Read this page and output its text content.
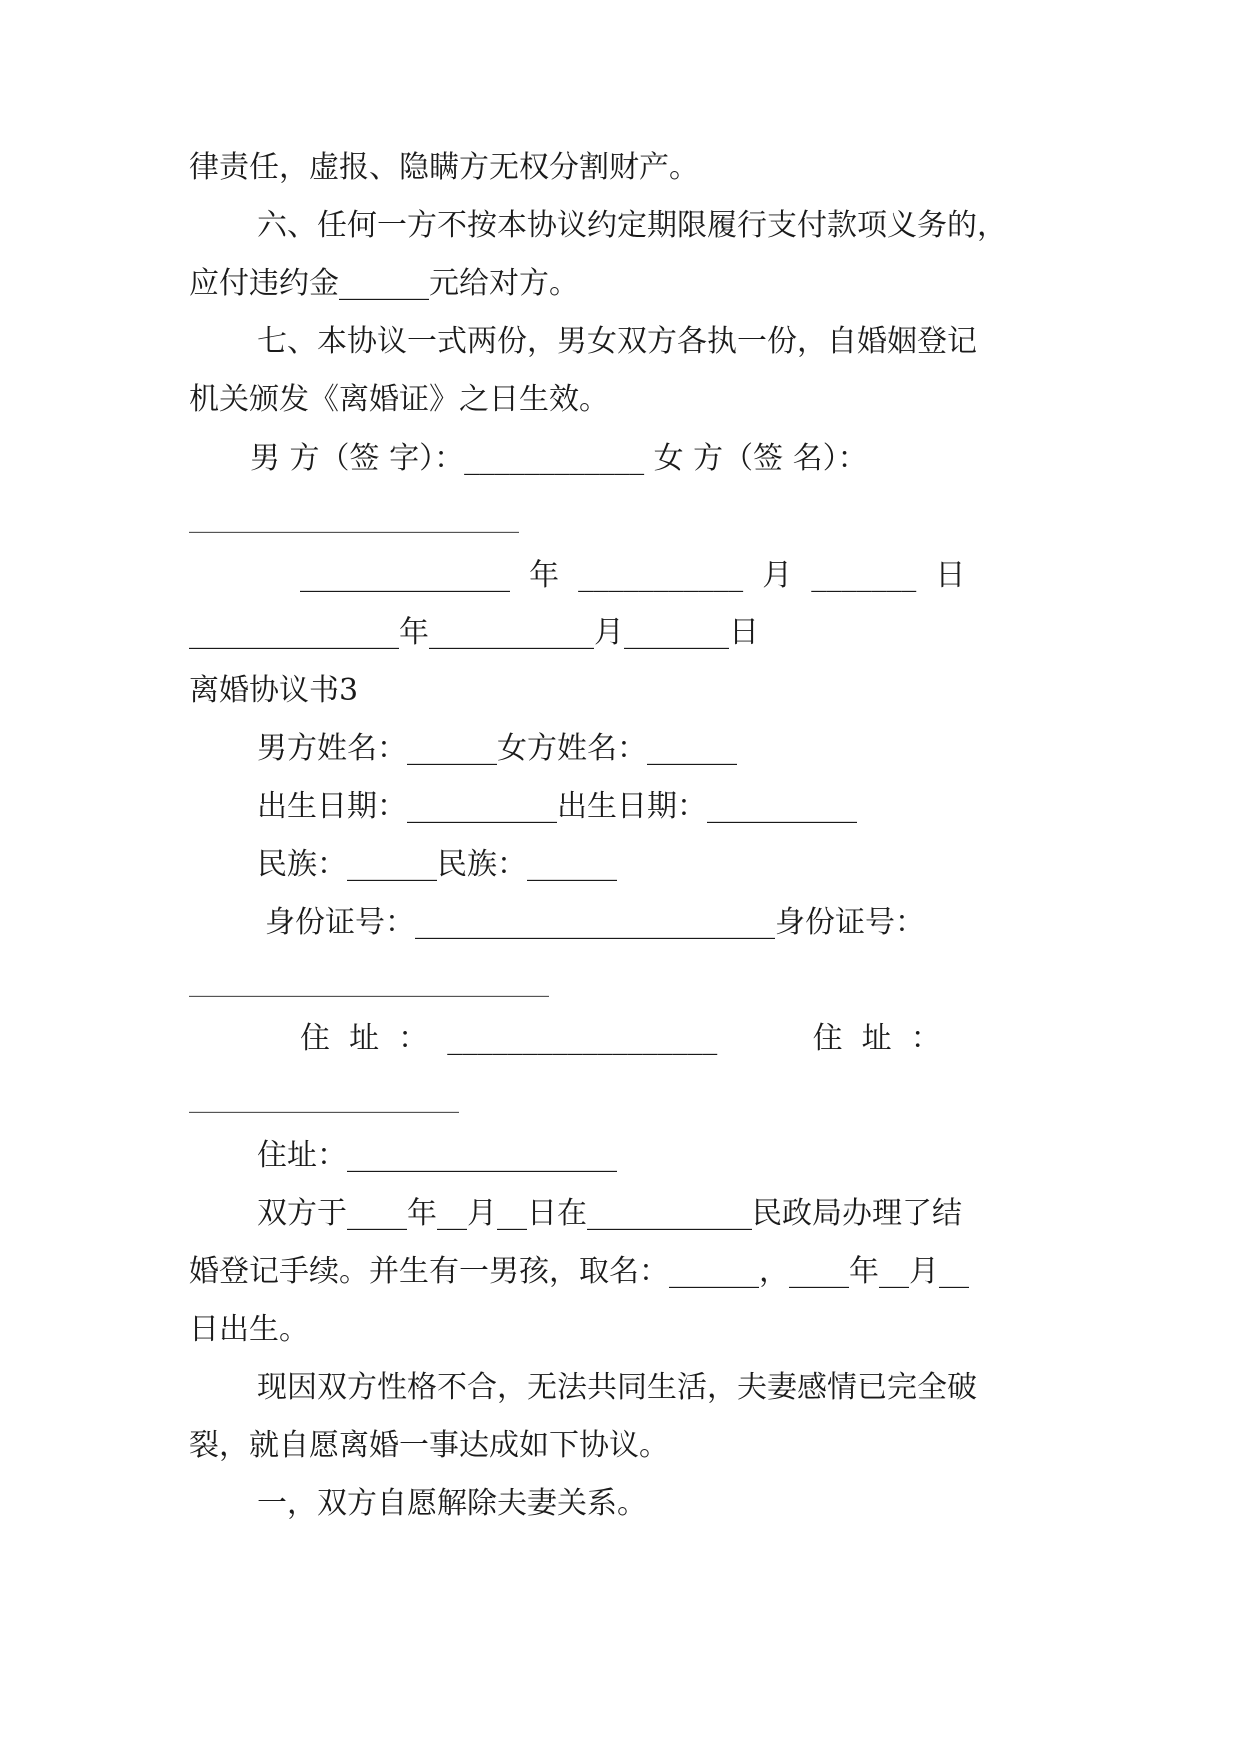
律责任，虚报、隐瞒方无权分割财产。
六、任何一方不按本协议约定期限履行支付款项义务的，
应付违约金______元给对方。
七、本协议一式两份，男女双方各执一份，自婚姻登记
机关颁发《离婚证》之日生效。
男 方（签 字）：____________ 女 方（签 名）：
______________________
______________  年  ___________  月  _______  日
______________年___________月_______日
离婚协议书3
男方姓名：______女方姓名：______
出生日期：__________出生日期：__________
民族：______民族：______
身份证号：________________________身份证号：
________________________
住  址  ：  __________________          住  址  ：
__________________
住址：__________________
双方于____年__月__日在___________民政局办理了结
婚登记手续。并生有一男孩，取名：______，____年__月__
日出生。
现因双方性格不合，无法共同生活，夫妻感情已完全破
裂，就自愿离婚一事达成如下协议。
一，双方自愿解除夫妻关系。
